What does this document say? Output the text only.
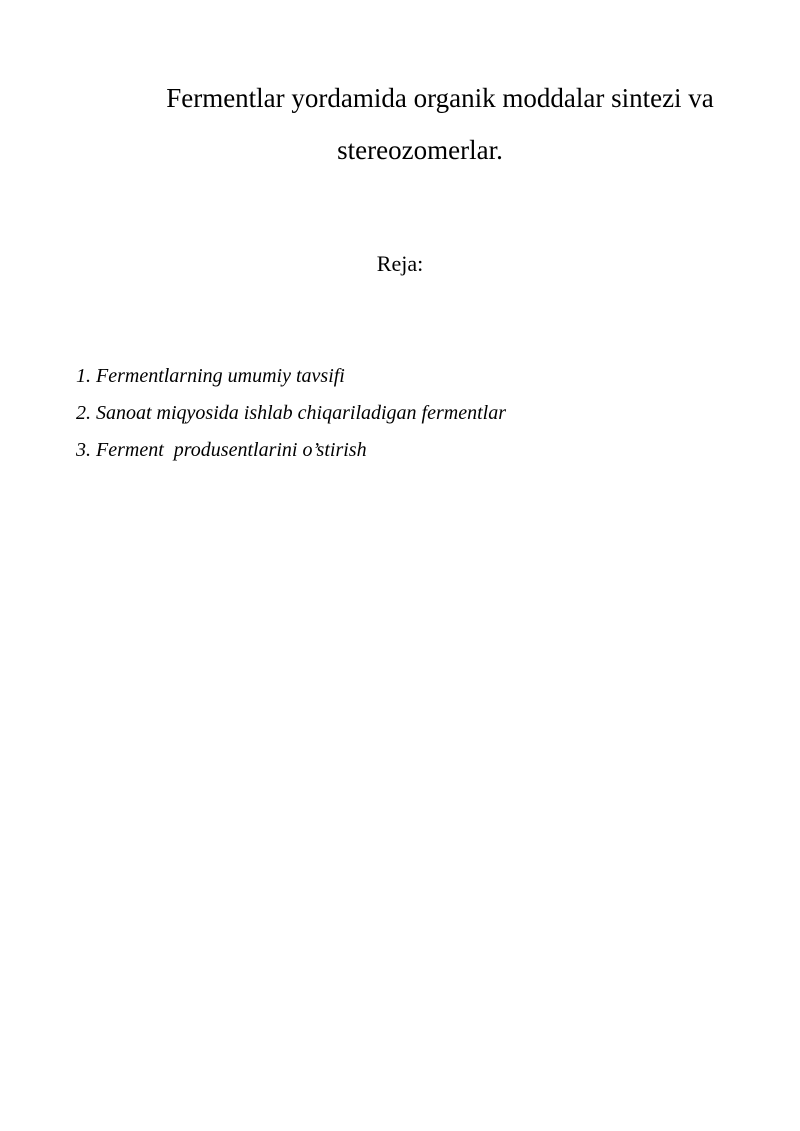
Fermentlar yordamida organik moddalar sintezi va
stereozomerlar.

Reja:

1. Fermentlarning umumiy tavsifi
2. Sanoat miqyosida ishlab chiqariladigan fermentlar
3. Ferment  produsentlarini o’stirish
